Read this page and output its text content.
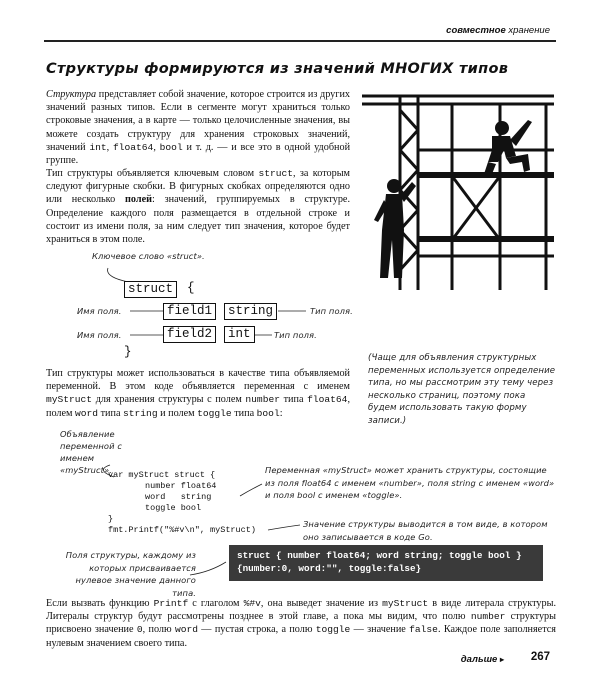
совместное хранение
Структуры формируются из значений МНОГИХ типов
Структура представляет собой значение, которое строится из других значений разных типов. Если в сегменте могут храниться только строковые значения, а в карте — только целочисленные значения, вы можете создать структуру для хранения строковых значений, значений int, float64, bool и т. д. — и все это в одной удобной группе.
Тип структуры объявляется ключевым словом struct, за которым следуют фигурные скобки. В фигурных скобках определяются одно или несколько полей: значений, группируемых в структуре. Определение каждого поля размещается в отдельной строке и состоит из имени поля, за ним следует тип значения, которое будет храниться в этом поле.
Ключевое слово «struct».
struct	{
Имя поля.	field1	string	Тип поля.
Имя поля.	field2	int	Тип поля.
}
Тип структуры может использоваться в качестве типа объявляемой переменной. В этом коде объявляется переменная с именем myStruct для хранения структуры с полем number типа float64, полем word типа string и полем toggle типа bool:
(Чаще для объявления структурных переменных используется определение типа, но мы рассмотрим эту тему через несколько страниц, поэтому пока будем использовать такую форму записи.)
Объявление переменной с именем «myStruct».
var myStruct struct {
number float64
word   string
toggle bool
}
fmt.Printf("%#v\n", myStruct)
Переменная «myStruct» может хранить структуры, состоящие из поля float64 с именем «number», поля string с именем «word» и поля bool с именем «toggle».
Значение структуры выводится в том виде, в котором оно записывается в коде Go.
Поля структуры, каждому из которых присваивается нулевое значение данного типа.
struct { number float64; word string; toggle bool }
{number:0, word:"", toggle:false}
Если вызвать функцию Printf с глаголом %#v, она выведет значение из myStruct в виде литерала структуры. Литералы структур будут рассмотрены позднее в этой главе, а пока мы видим, что полю number структуры присвоено значение 0, полю word — пустая строка, а полю toggle — значение false. Каждое поле заполняется нулевым значением своего типа.
дальше ▸ 267
